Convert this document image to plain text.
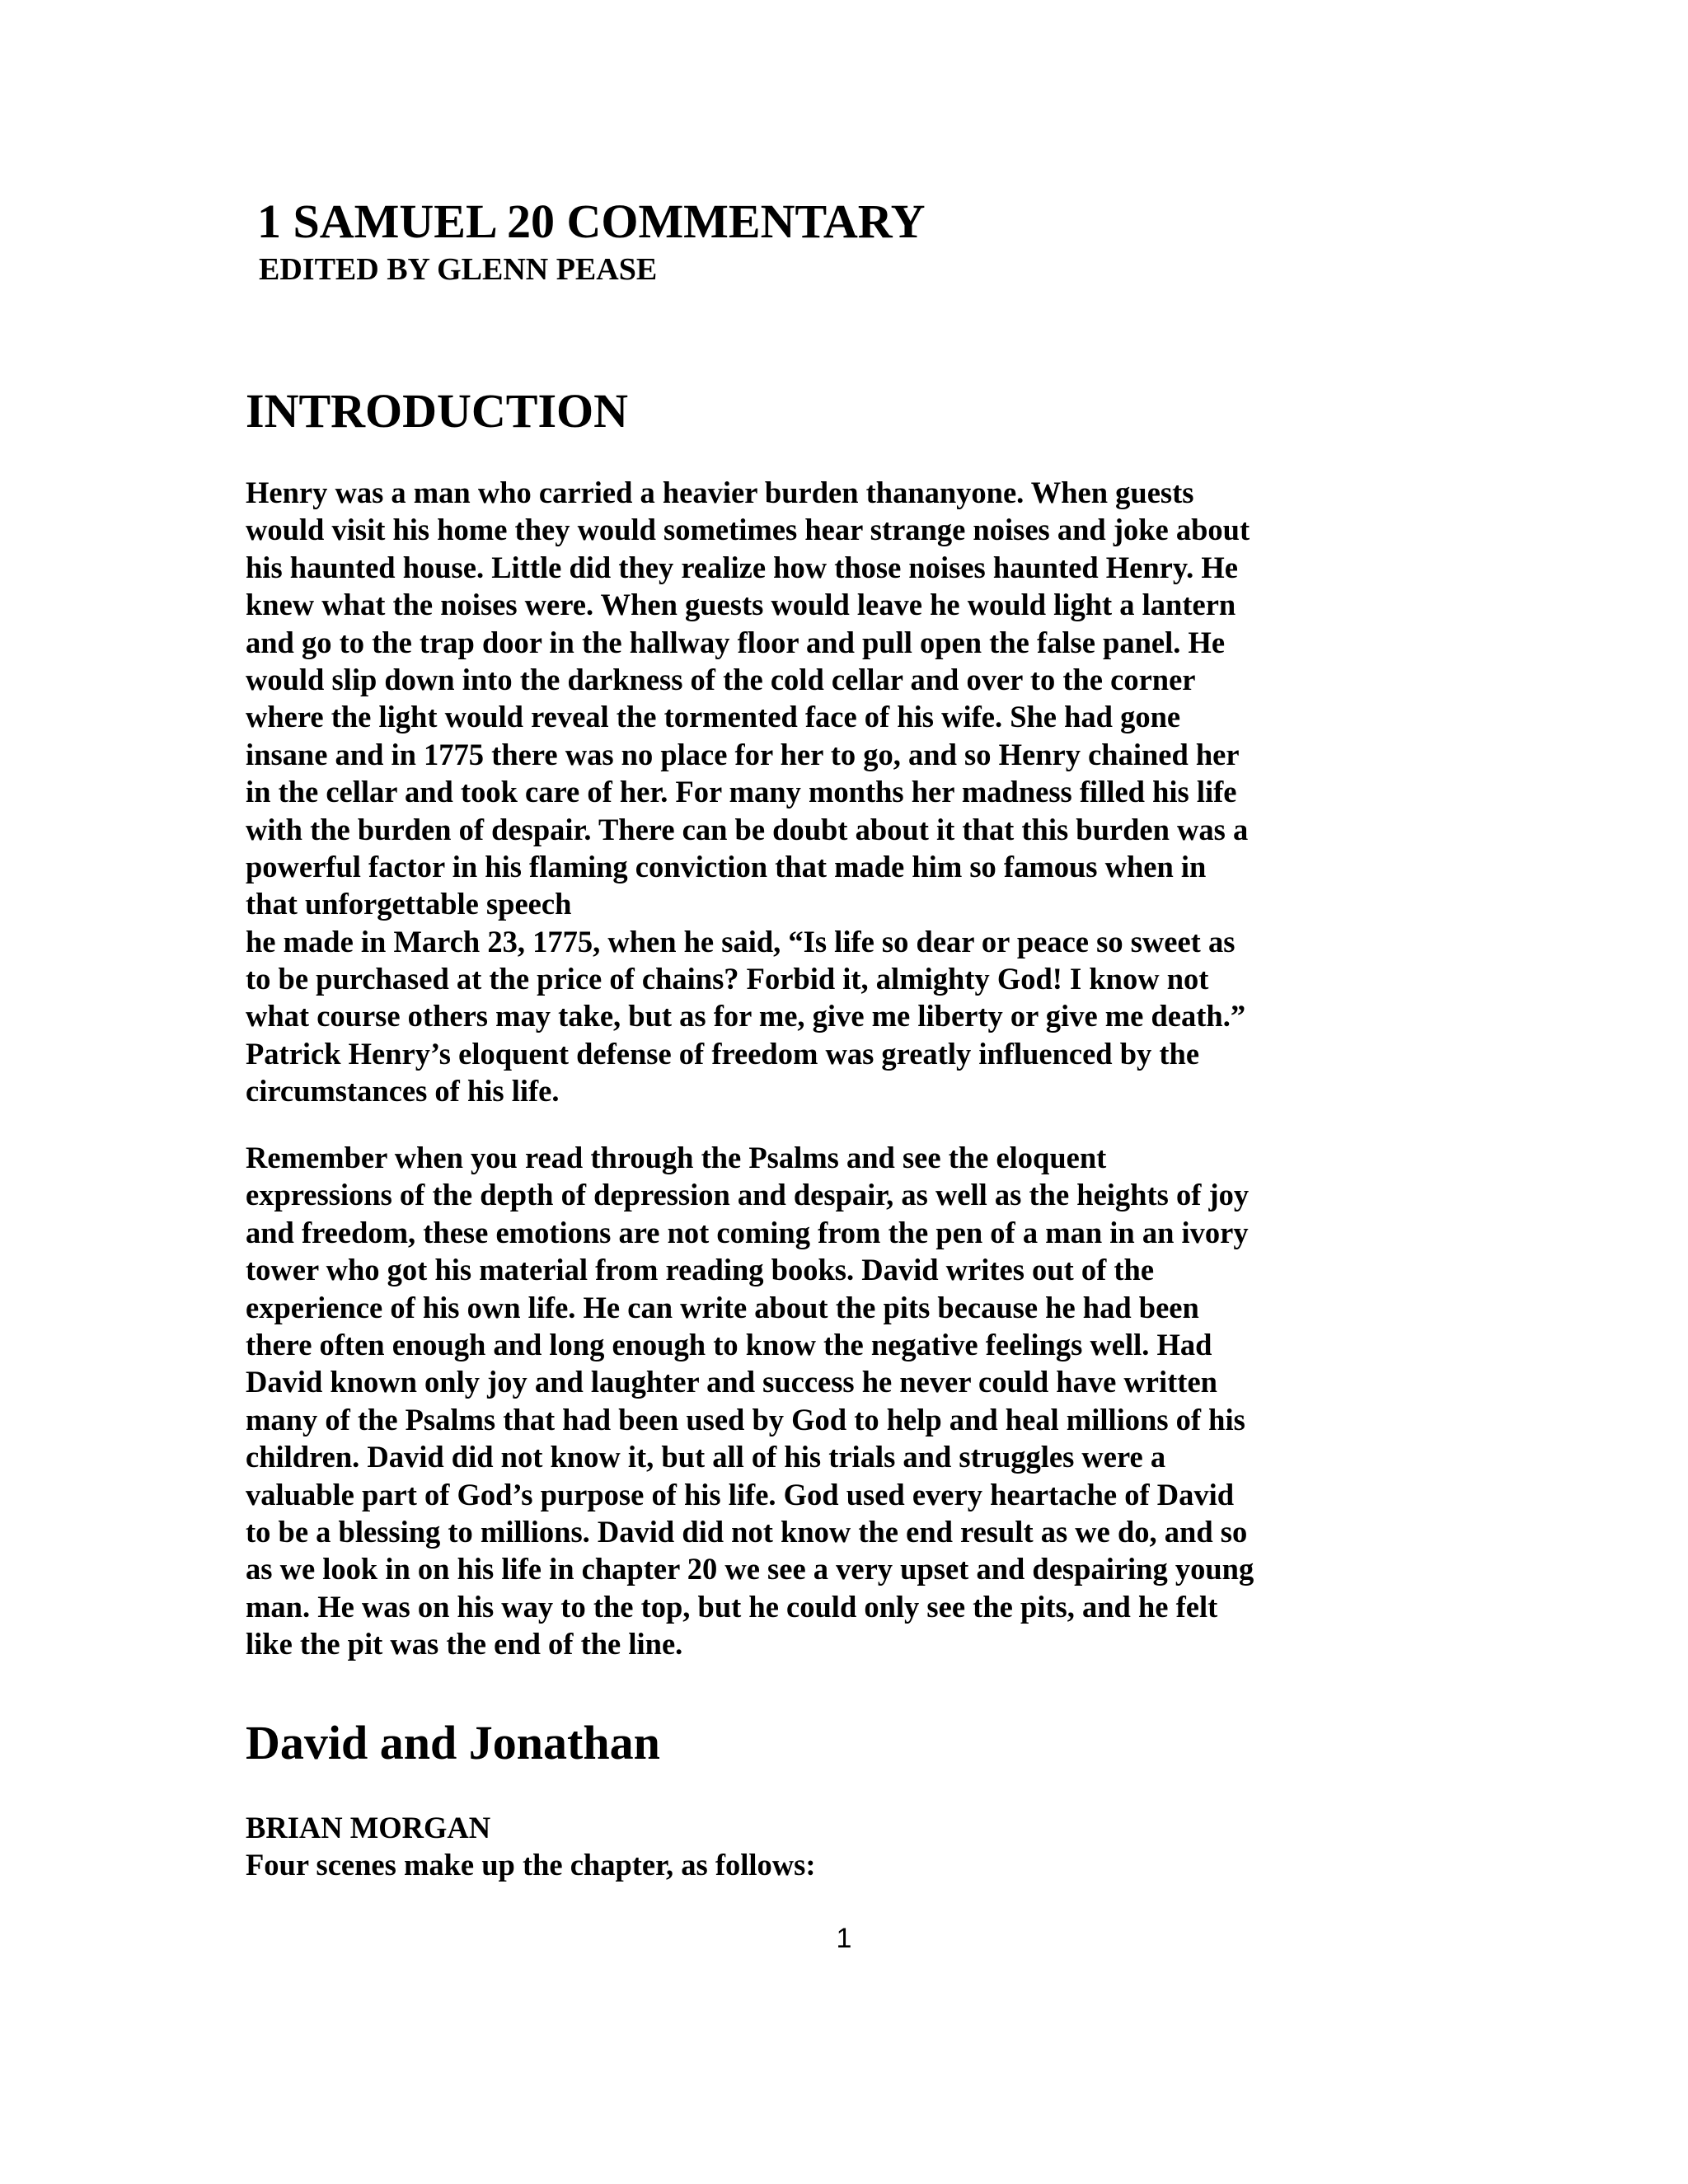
1 SAMUEL 20 COMMENTARY
EDITED BY GLENN PEASE
INTRODUCTION
Henry was a man who carried a heavier burden thananyone. When guests
would visit his home they would sometimes hear strange noises and joke about
his haunted house. Little did they realize how those noises haunted Henry. He
knew what the noises were. When guests would leave he would light a lantern
and go to the trap door in the hallway floor and pull open the false panel. He
would slip down into the darkness of the cold cellar and over to the corner
where the light would reveal the tormented face of his wife. She had gone
insane and in 1775 there was no place for her to go, and so Henry chained her
in the cellar and took care of her. For many months her madness filled his life
with the burden of despair. There can be doubt about it that this burden was a
powerful factor in his flaming conviction that made him so famous when in
that unforgettable speech
he made in March 23, 1775, when he said, “Is life so dear or peace so sweet as
to be purchased at the price of chains? Forbid it, almighty God! I know not
what course others may take, but as for me, give me liberty or give me death.”
Patrick Henry’s eloquent defense of freedom was greatly influenced by the
circumstances of his life.
Remember when you read through the Psalms and see the eloquent
expressions of the depth of depression and despair, as well as the heights of joy
and freedom, these emotions are not coming from the pen of a man in an ivory
tower who got his material from reading books. David writes out of the
experience of his own life. He can write about the pits because he had been
there often enough and long enough to know the negative feelings well. Had
David known only joy and laughter and success he never could have written
many of the Psalms that had been used by God to help and heal millions of his
children. David did not know it, but all of his trials and struggles were a
valuable part of God’s purpose of his life. God used every heartache of David
to be a blessing to millions. David did not know the end result as we do, and so
as we look in on his life in chapter 20 we see a very upset and despairing young
man. He was on his way to the top, but he could only see the pits, and he felt
like the pit was the end of the line.
David and Jonathan
BRIAN MORGAN
Four scenes make up the chapter, as follows:
1
